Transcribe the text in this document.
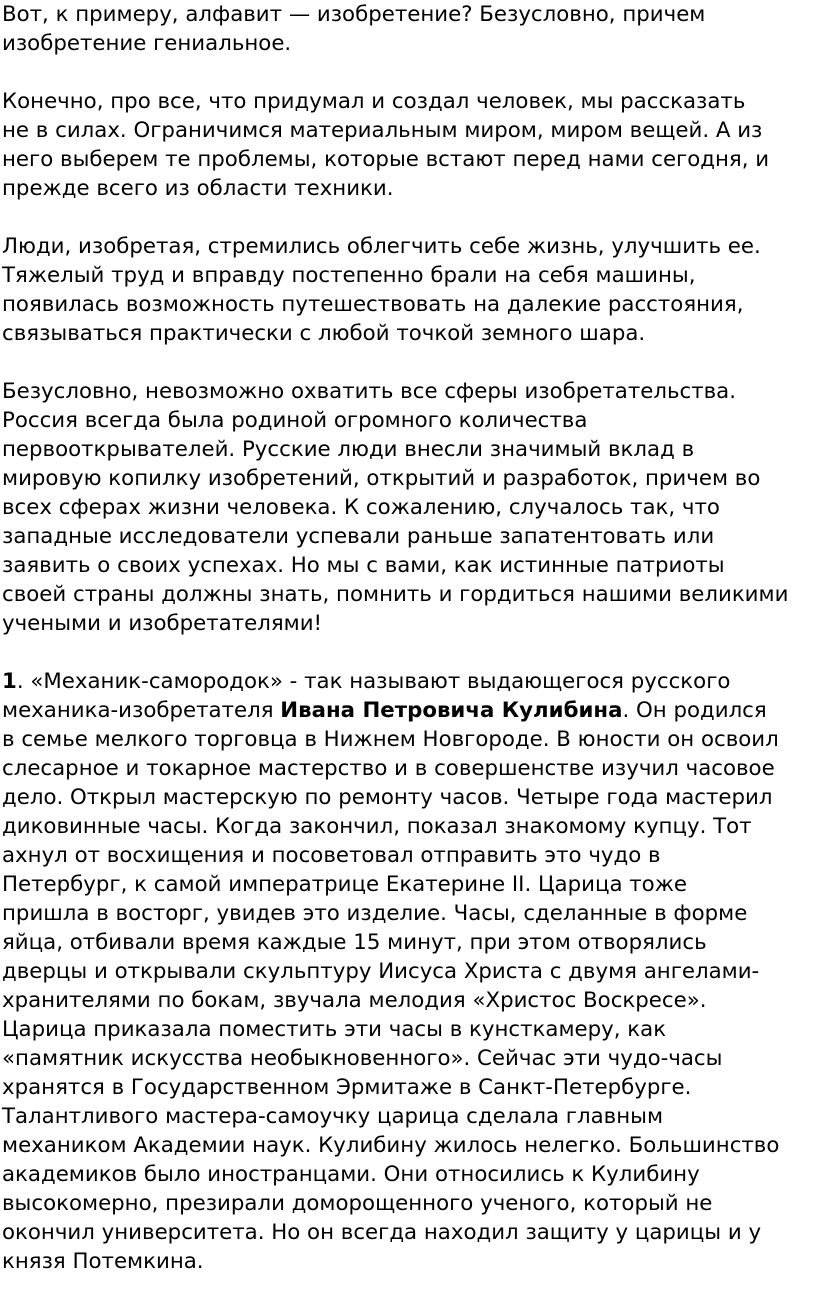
Вот, к примеру, алфавит — изобретение? Безусловно, причем
изобретение гениальное.
Конечно, про все, что придумал и создал человек, мы рассказать
не в силах. Ограничимся материальным миром, миром вещей. А из
него выберем те проблемы, которые встают перед нами сегодня, и
прежде всего из области техники.
Люди, изобретая, стремились облегчить себе жизнь, улучшить ее.
Тяжелый труд и вправду постепенно брали на себя машины,
появилась возможность путешествовать на далекие расстояния,
связываться практически с любой точкой земного шара.
Безусловно, невозможно охватить все сферы изобретательства.
Россия всегда была родиной огромного количества
первооткрывателей. Русские люди внесли значимый вклад в
мировую копилку изобретений, открытий и разработок, причем во
всех сферах жизни человека. К сожалению, случалось так, что
западные исследователи успевали раньше запатентовать или
заявить о своих успехах. Но мы с вами, как истинные патриоты
своей страны должны знать, помнить и гордиться нашими великими
учеными и изобретателями!
1. «Механик-самородок» - так называют выдающегося русского
механика-изобретателя Ивана Петровича Кулибина. Он родился
в семье мелкого торговца в Нижнем Новгороде. В юности он освоил
слесарное и токарное мастерство и в совершенстве изучил часовое
дело. Открыл мастерскую по ремонту часов. Четыре года мастерил
диковинные часы. Когда закончил, показал знакомому купцу. Тот
ахнул от восхищения и посоветовал отправить это чудо в
Петербург, к самой императрице Екатерине II. Царица тоже
пришла в восторг, увидев это изделие. Часы, сделанные в форме
яйца, отбивали время каждые 15 минут, при этом отворялись
дверцы и открывали скульптуру Иисуса Христа с двумя ангелами-
хранителями по бокам, звучала мелодия «Христос Воскресе».
Царица приказала поместить эти часы в кунсткамеру, как
«памятник искусства необыкновенного». Сейчас эти чудо-часы
хранятся в Государственном Эрмитаже в Санкт-Петербурге.
Талантливого мастера-самоучку царица сделала главным
механиком Академии наук. Кулибину жилось нелегко. Большинство
академиков было иностранцами. Они относились к Кулибину
высокомерно, презирали доморощенного ученого, который не
окончил университета. Но он всегда находил защиту у царицы и у
князя Потемкина.
